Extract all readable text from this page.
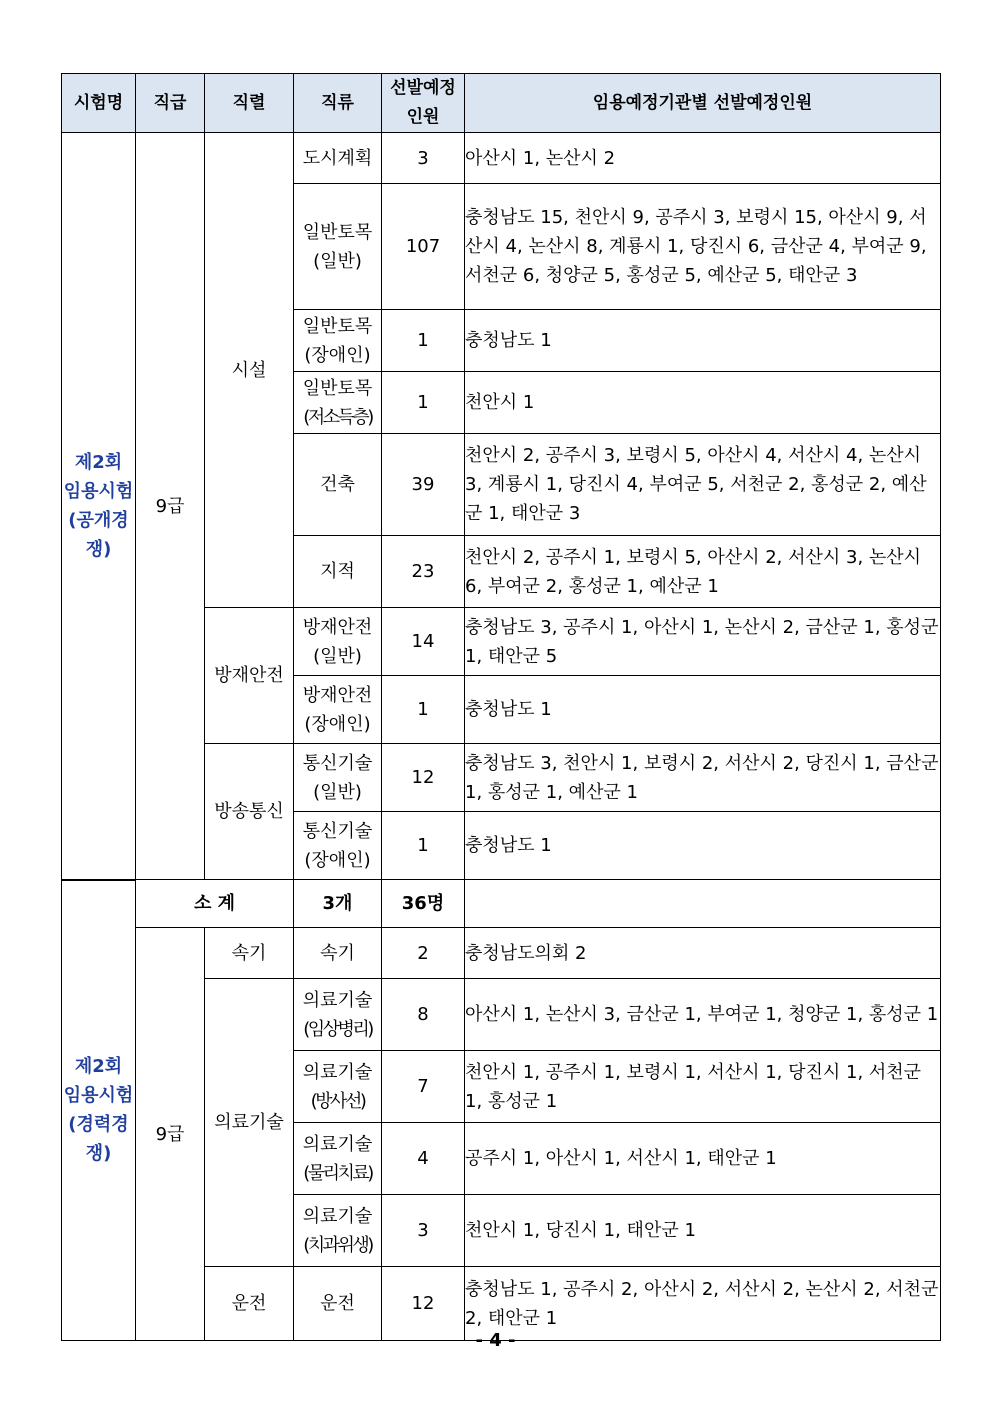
시험명	직급	직렬	직류	선발예정인원	임용예정기관별 선발예정인원

제2회
임용시험
(공개경쟁)	9급	시설	도시계획	3	아산시 1, 논산시 2

			일반토목
(일반)	107	충청남도 15, 천안시 9, 공주시 3, 보령시 15, 아산시 9, 서산시 4, 논산시 8, 계룡시 1, 당진시 6, 금산군 4, 부여군 9, 서천군 6, 청양군 5, 홍성군 5, 예산군 5, 태안군 3

			일반토목
(장애인)	1	충청남도 1

			일반토목
(저소득층)	1	천안시 1

			건축	39	천안시 2, 공주시 3, 보령시 5, 아산시 4, 서산시 4, 논산시 3, 계룡시 1, 당진시 4, 부여군 5, 서천군 2, 홍성군 2, 예산군 1, 태안군 3

			지적	23	천안시 2, 공주시 1, 보령시 5, 아산시 2, 서산시 3, 논산시 6, 부여군 2, 홍성군 1, 예산군 1
		방재안전	방재안전
(일반)	14	충청남도 3, 공주시 1, 아산시 1, 논산시 2, 금산군 1, 홍성군 1, 태안군 5

			방재안전
(장애인)	1	충청남도 1
		방송통신	통신기술
(일반)	12	충청남도 3, 천안시 1, 보령시 2, 서산시 2, 당진시 1, 금산군 1, 홍성군 1, 예산군 1

			통신기술
(장애인)	1	충청남도 1

제2회
임용시험
(경력경쟁)	소 계		3개	36명	
	9급	속기	속기	2	충청남도의회 2
		의료기술	의료기술
(임상병리)	8	아산시 1, 논산시 3, 금산군 1, 부여군 1, 청양군 1, 홍성군 1

			의료기술
(방사선)	7	천안시 1, 공주시 1, 보령시 1, 서산시 1, 당진시 1, 서천군 1, 홍성군 1

			의료기술
(물리치료)	4	공주시 1, 아산시 1, 서산시 1, 태안군 1

			의료기술
(치과위생)	3	천안시 1, 당진시 1, 태안군 1
		운전	운전	12	충청남도 1, 공주시 2, 아산시 2, 서산시 2, 논산시 2, 서천군 2, 태안군 1
- 4 -
